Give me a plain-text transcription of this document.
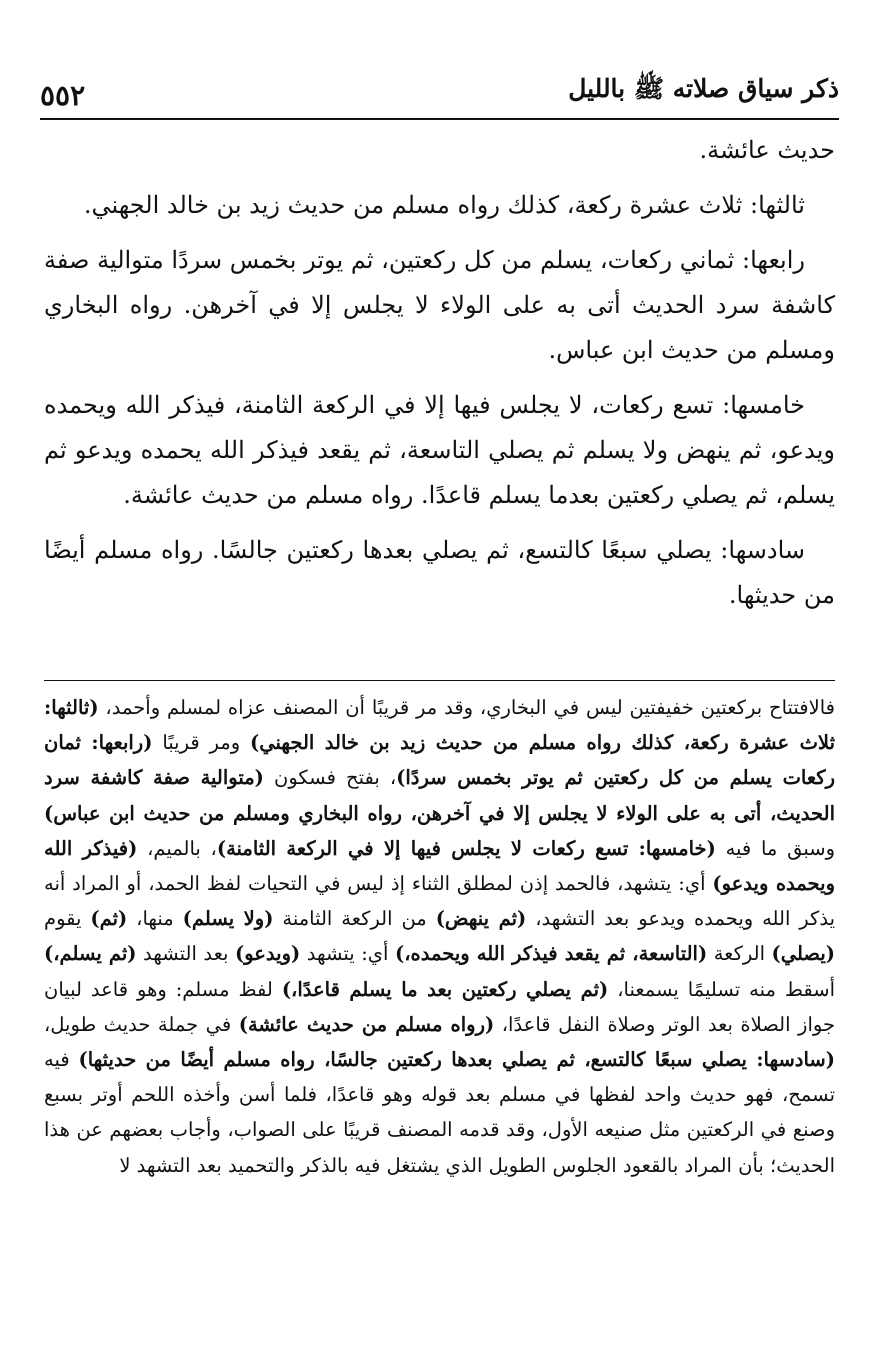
٥٥٢	ذكر سياق صلاته ﷺ بالليل

حديث عائشة.

ثالثها: ثلاث عشرة ركعة، كذلك رواه مسلم من حديث زيد بن خالد الجهني.

رابعها: ثماني ركعات، يسلم من كل ركعتين، ثم يوتر بخمس سردًا متوالية صفة كاشفة سرد الحديث أتى به على الولاء لا يجلس إلا في آخرهن. رواه البخاري ومسلم من حديث ابن عباس.

خامسها: تسع ركعات، لا يجلس فيها إلا في الركعة الثامنة، فيذكر الله ويحمده ويدعو، ثم ينهض ولا يسلم ثم يصلي التاسعة، ثم يقعد فيذكر الله يحمده ويدعو ثم يسلم، ثم يصلي ركعتين بعدما يسلم قاعدًا. رواه مسلم من حديث عائشة.

سادسها: يصلي سبعًا كالتسع، ثم يصلي بعدها ركعتين جالسًا. رواه مسلم أيضًا من حديثها.

فالافتتاح بركعتين خفيفتين ليس في البخاري، وقد مر قريبًا أن المصنف عزاه لمسلم وأحمد، (ثالثها: ثلاث عشرة ركعة، كذلك رواه مسلم من حديث زيد بن خالد الجهني) ومر قريبًا (رابعها: ثمان ركعات يسلم من كل ركعتين ثم يوتر بخمس سردًا)، بفتح فسكون (متوالية صفة كاشفة سرد الحديث، أتى به على الولاء لا يجلس إلا في آخرهن، رواه البخاري ومسلم من حديث ابن عباس) وسبق ما فيه (خامسها: تسع ركعات لا يجلس فيها إلا في الركعة الثامنة)، بالميم، (فيذكر الله ويحمده ويدعو) أي: يتشهد، فالحمد إذن لمطلق الثناء إذ ليس في التحيات لفظ الحمد، أو المراد أنه يذكر الله ويحمده ويدعو بعد التشهد، (ثم ينهض) من الركعة الثامنة (ولا يسلم) منها، (ثم) يقوم (يصلي) الركعة (التاسعة، ثم يقعد فيذكر الله ويحمده،) أي: يتشهد (ويدعو) بعد التشهد (ثم يسلم،) أسقط منه تسليمًا يسمعنا، (ثم يصلي ركعتين بعد ما يسلم قاعدًا،) لفظ مسلم: وهو قاعد لبيان جواز الصلاة بعد الوتر وصلاة النفل قاعدًا، (رواه مسلم من حديث عائشة) في جملة حديث طويل، (سادسها: يصلي سبعًا كالتسع، ثم يصلي بعدها ركعتين جالسًا، رواه مسلم أيضًا من حديثها) فيه تسمح، فهو حديث واحد لفظها في مسلم بعد قوله وهو قاعدًا، فلما أسن وأخذه اللحم أوتر بسبع وصنع في الركعتين مثل صنيعه الأول، وقد قدمه المصنف قريبًا على الصواب، وأجاب بعضهم عن هذا الحديث؛ بأن المراد بالقعود الجلوس الطويل الذي يشتغل فيه بالذكر والتحميد بعد التشهد لا
